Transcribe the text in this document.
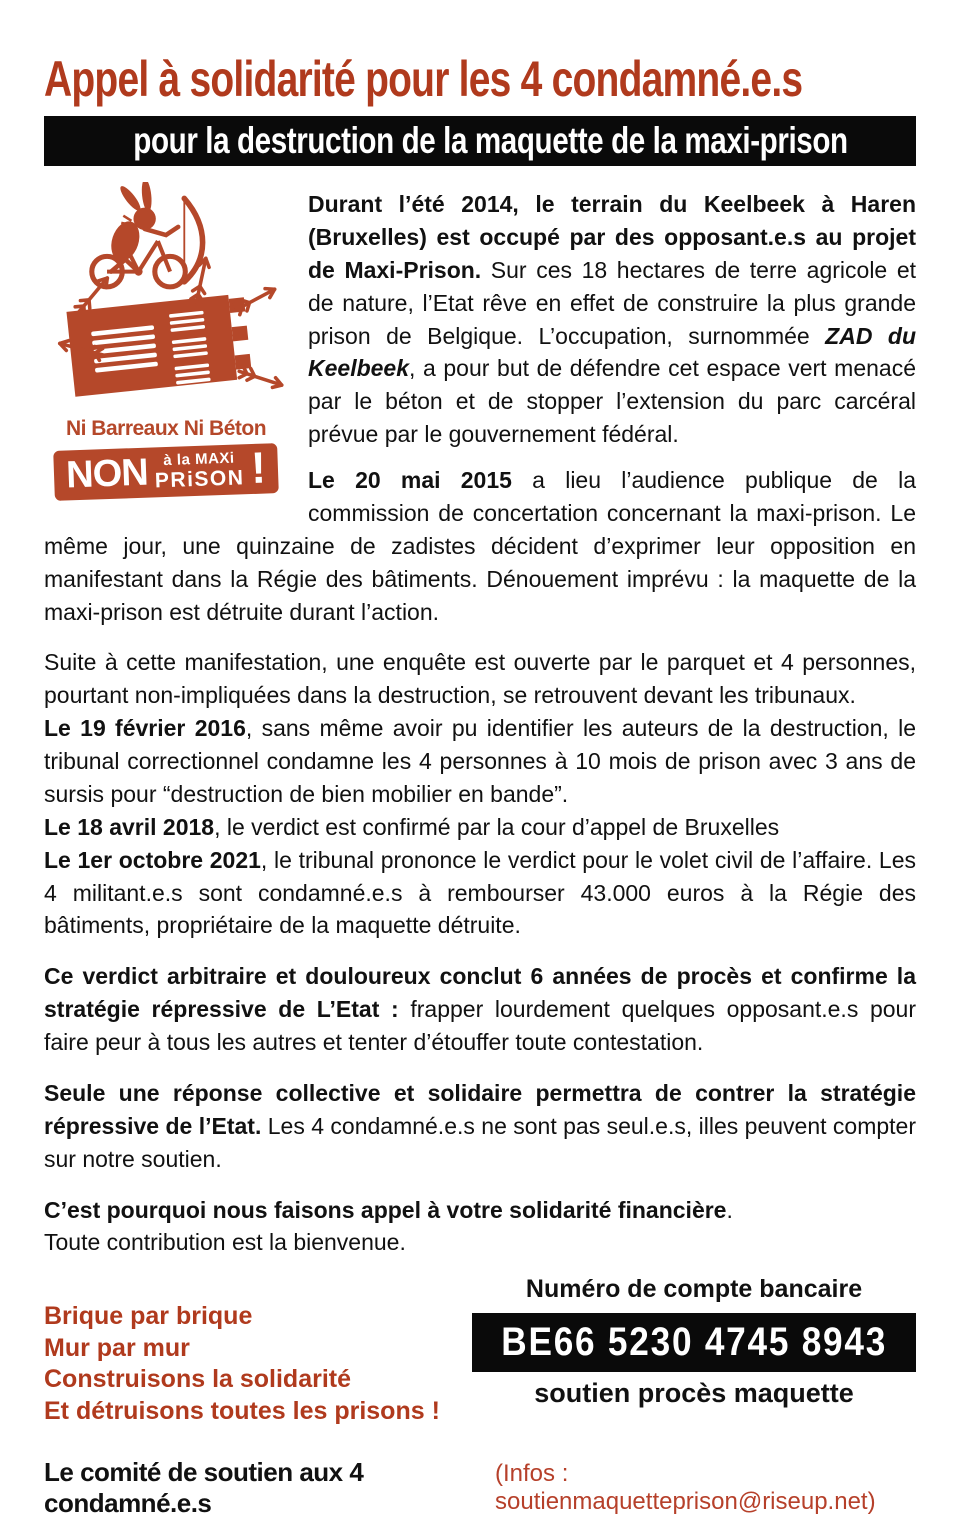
Appel à solidarité pour les 4 condamné.e.s
pour la destruction de la maquette de la maxi-prison
Ni Barreaux Ni Béton
NON à la MAXi
PRiSON !

Durant l’été 2014, le terrain du Keelbeek à Haren (Bruxelles) est occupé par des opposant.e.s au projet de Maxi-Prison. Sur ces 18 hectares de terre agricole et de nature, l’Etat rêve en effet de construire la plus grande prison de Belgique. L’occupation, surnommée ZAD du Keelbeek, a pour but de défendre cet espace vert menacé par le béton et de stopper l’extension du parc carcéral prévue par le gouvernement fédéral.

Le 20 mai 2015 a lieu l’audience publique de la commission de concertation concernant la maxi-prison. Le même jour, une quinzaine de zadistes décident d’exprimer leur opposition en manifestant dans la Régie des bâtiments. Dénouement imprévu : la maquette de la maxi-prison est détruite durant l’action.

Suite à cette manifestation, une enquête est ouverte par le parquet et 4 personnes, pourtant non-impliquées dans la destruction, se retrouvent devant les tribunaux.

Le 19 février 2016, sans même avoir pu identifier les auteurs de la destruction, le tribunal correctionnel condamne les 4 personnes à 10 mois de prison avec 3 ans de sursis pour “destruction de bien mobilier en bande”.

Le 18 avril 2018, le verdict est confirmé par la cour d’appel de Bruxelles

Le 1er octobre 2021, le tribunal prononce le verdict pour le volet civil de l’affaire. Les 4 militant.e.s sont condamné.e.s à rembourser 43.000 euros à la Régie des bâtiments, propriétaire de la maquette détruite.

Ce verdict arbitraire et douloureux conclut 6 années de procès et confirme la stratégie répressive de L’Etat : frapper lourdement quelques opposant.e.s pour faire peur à tous les autres et tenter d’étouffer toute contestation.

Seule une réponse collective et solidaire permettra de contrer la stratégie répressive de l’Etat. Les 4 condamné.e.s ne sont pas seul.e.s, illes peuvent compter sur notre soutien.

C’est pourquoi nous faisons appel à votre solidarité financière.

Toute contribution est la bienvenue.

Brique par brique
Mur par mur
Construisons la solidarité
Et détruisons toutes les prisons !
Numéro de compte bancaire
BE66 5230 4745 8943
soutien procès maquette
Le comité de soutien aux 4 condamné.e.s
(Infos : soutienmaquetteprison@riseup.net)
